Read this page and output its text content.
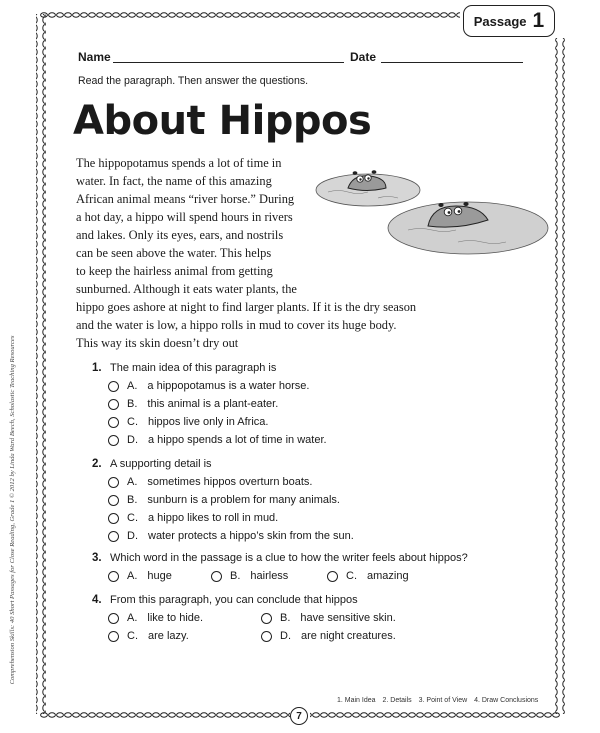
Passage 1
Comprehension Skills: 40 Short Passages for Close Reading, Grade 1 © 2012 by Linda Ward Beech, Scholastic Teaching Resources
Name	Date
Read the paragraph. Then answer the questions.
About Hippos
The hippopotamus spends a lot of time in
water. In fact, the name of this amazing
African animal means “river horse.” During
a hot day, a hippo will spend hours in rivers
and lakes. Only its eyes, ears, and nostrils
can be seen above the water. This helps
to keep the hairless animal from getting
sunburned. Although it eats water plants, the
hippo goes ashore at night to find larger plants. If it is the dry season
and the water is low, a hippo rolls in mud to cover its huge body.
This way its skin doesn’t dry out
1. The main idea of this paragraph is
A. a hippopotamus is a water horse.
B. this animal is a plant-eater.
C. hippos live only in Africa.
D. a hippo spends a lot of time in water.
2. A supporting detail is
A. sometimes hippos overturn boats.
B. sunburn is a problem for many animals.
C. a hippo likes to roll in mud.
D. water protects a hippo’s skin from the sun.
3. Which word in the passage is a clue to how the writer feels about hippos?
A. huge	B. hairless	C. amazing
4. From this paragraph, you can conclude that hippos
A. like to hide.	B. have sensitive skin.
C. are lazy.	D. are night creatures.
1. Main Idea 2. Details 3. Point of View 4. Draw Conclusions
7
